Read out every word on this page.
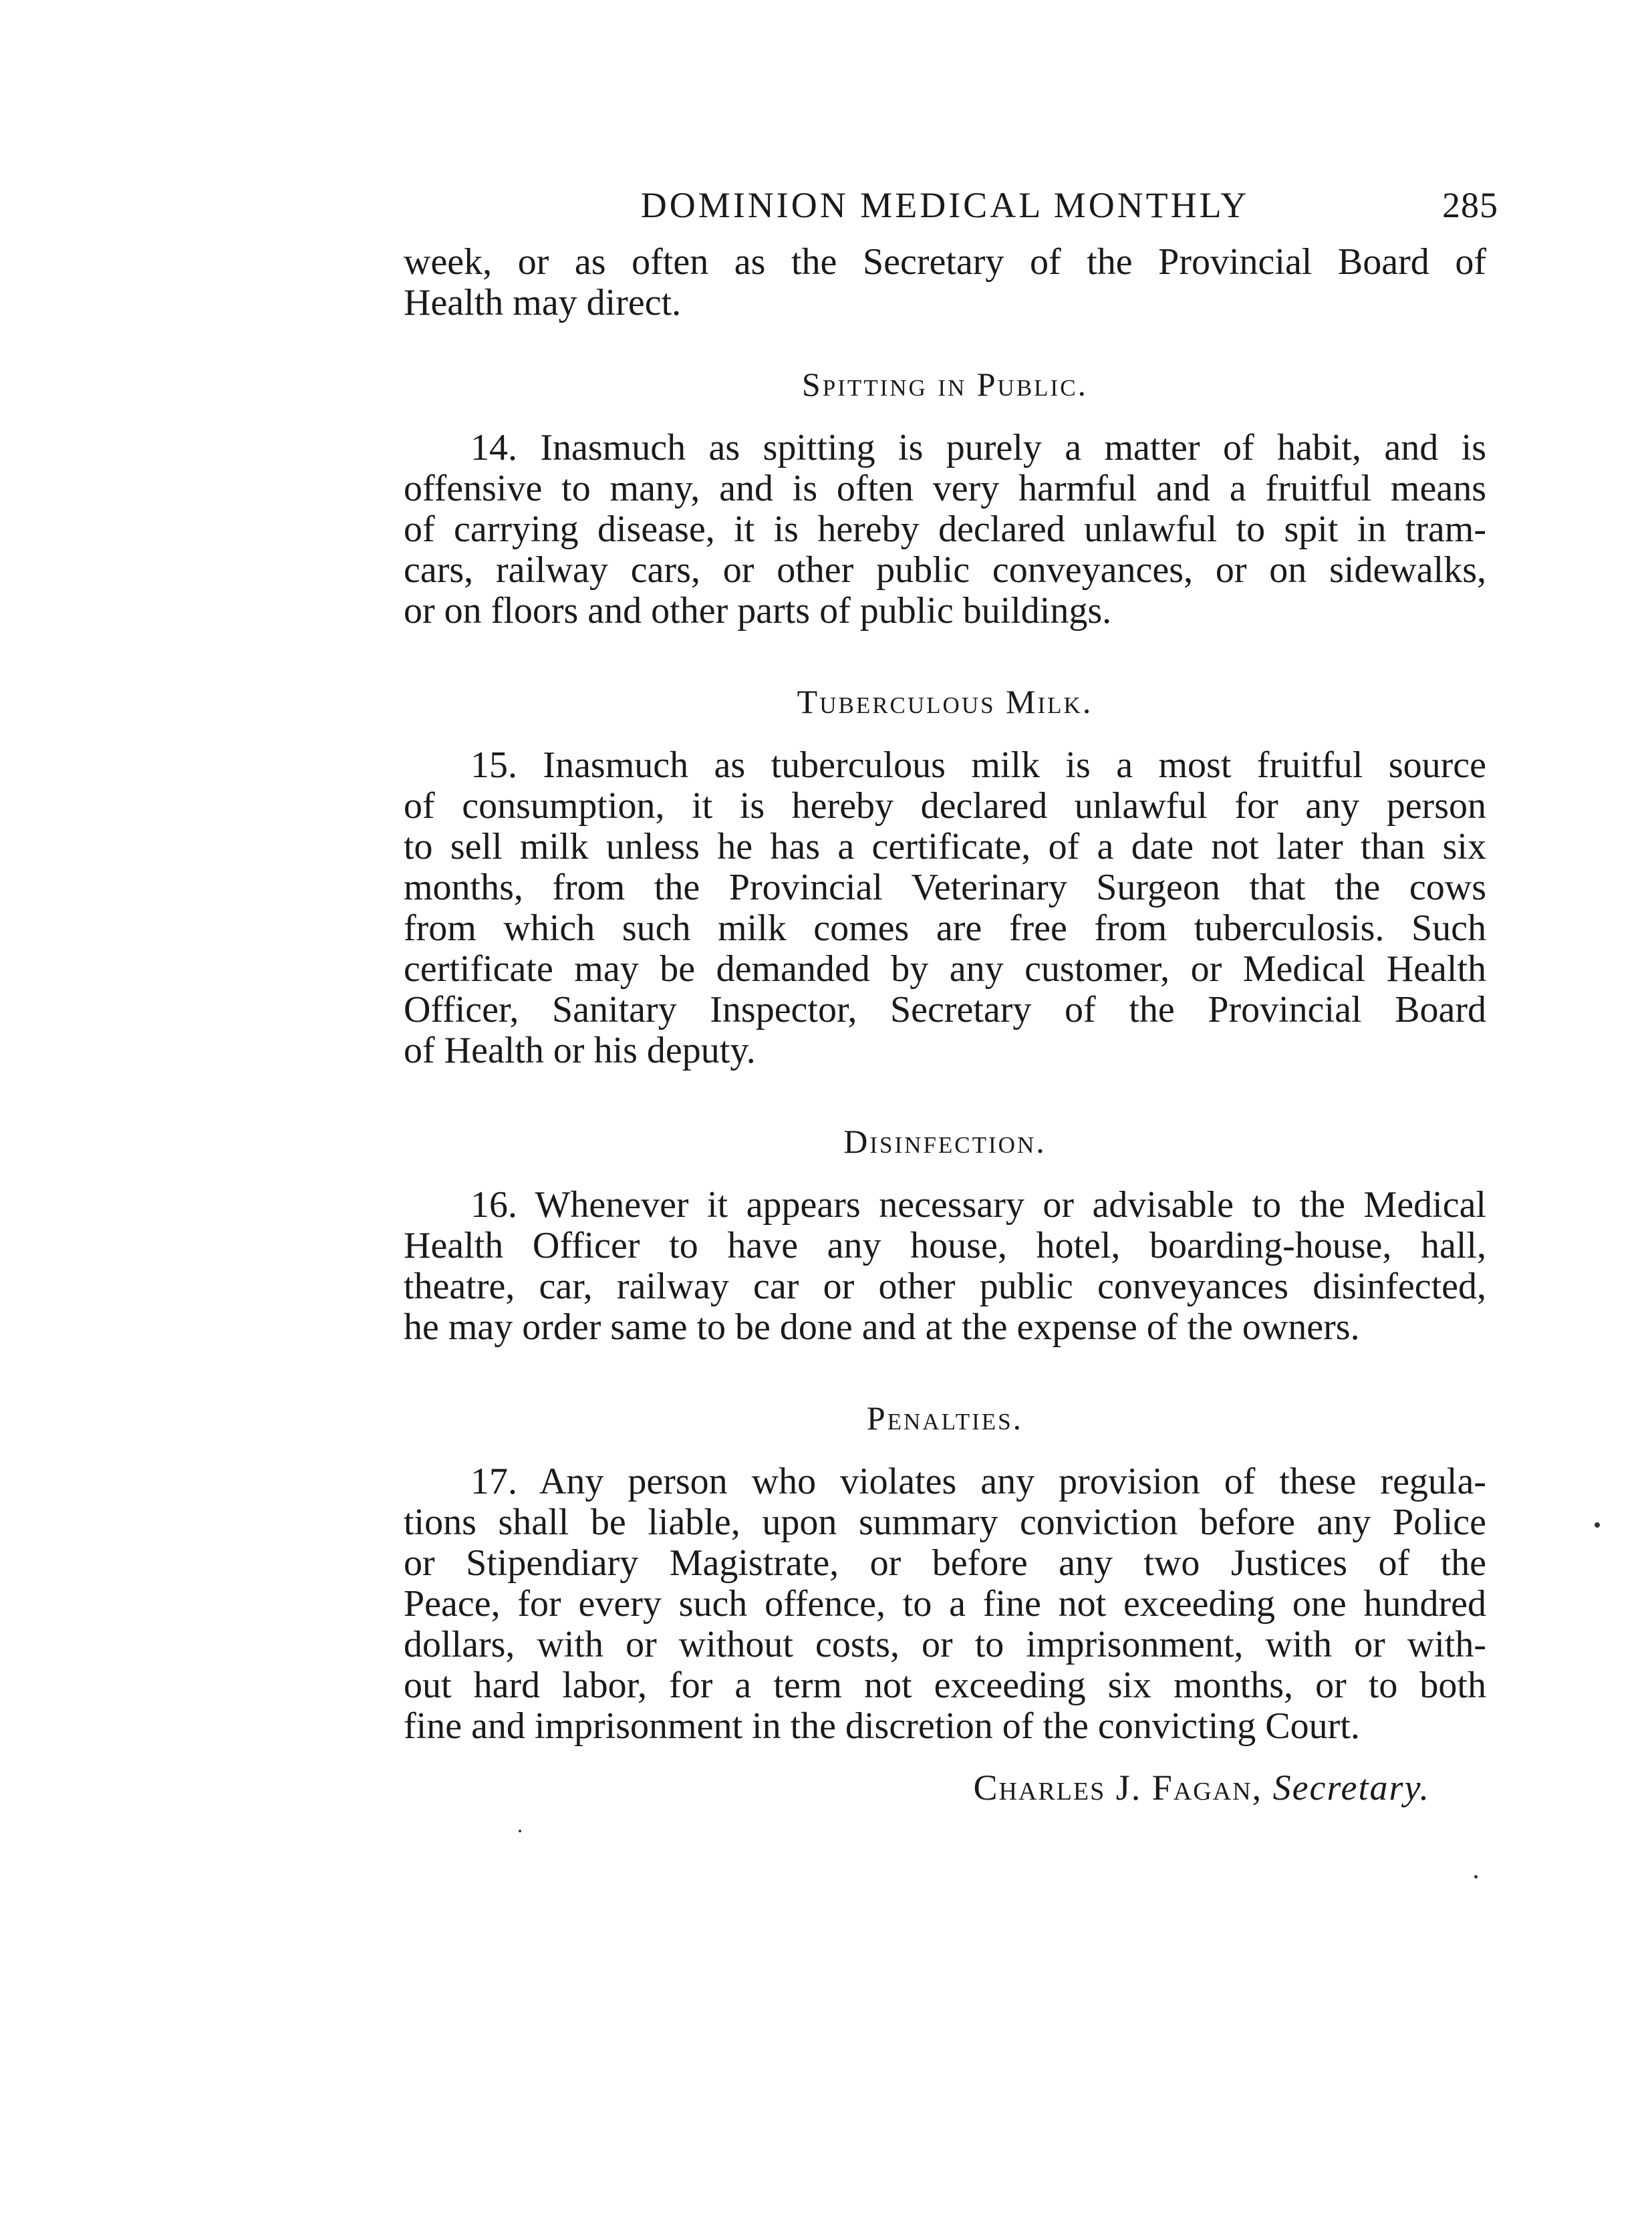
DOMINION MEDICAL MONTHLY	285

week, or as often as the Secretary of the Provincial Board of
Health may direct.

Spitting in Public.

14. Inasmuch as spitting is purely a matter of habit, and is
offensive to many, and is often very harmful and a fruitful means
of carrying disease, it is hereby declared unlawful to spit in tram-
cars, railway cars, or other public conveyances, or on sidewalks,
or on floors and other parts of public buildings.

Tuberculous Milk.

15. Inasmuch as tuberculous milk is a most fruitful source
of consumption, it is hereby declared unlawful for any person
to sell milk unless he has a certificate, of a date not later than six
months, from the Provincial Veterinary Surgeon that the cows
from which such milk comes are free from tuberculosis. Such
certificate may be demanded by any customer, or Medical Health
Officer, Sanitary Inspector, Secretary of the Provincial Board
of Health or his deputy.

Disinfection.

16. Whenever it appears necessary or advisable to the Medical
Health Officer to have any house, hotel, boarding-house, hall,
theatre, car, railway car or other public conveyances disinfected,
he may order same to be done and at the expense of the owners.

Penalties.

17. Any person who violates any provision of these regula-
tions shall be liable, upon summary conviction before any Police
or Stipendiary Magistrate, or before any two Justices of the
Peace, for every such offence, to a fine not exceeding one hundred
dollars, with or without costs, or to imprisonment, with or with-
out hard labor, for a term not exceeding six months, or to both
fine and imprisonment in the discretion of the convicting Court.

Charles J. Fagan, Secretary.
